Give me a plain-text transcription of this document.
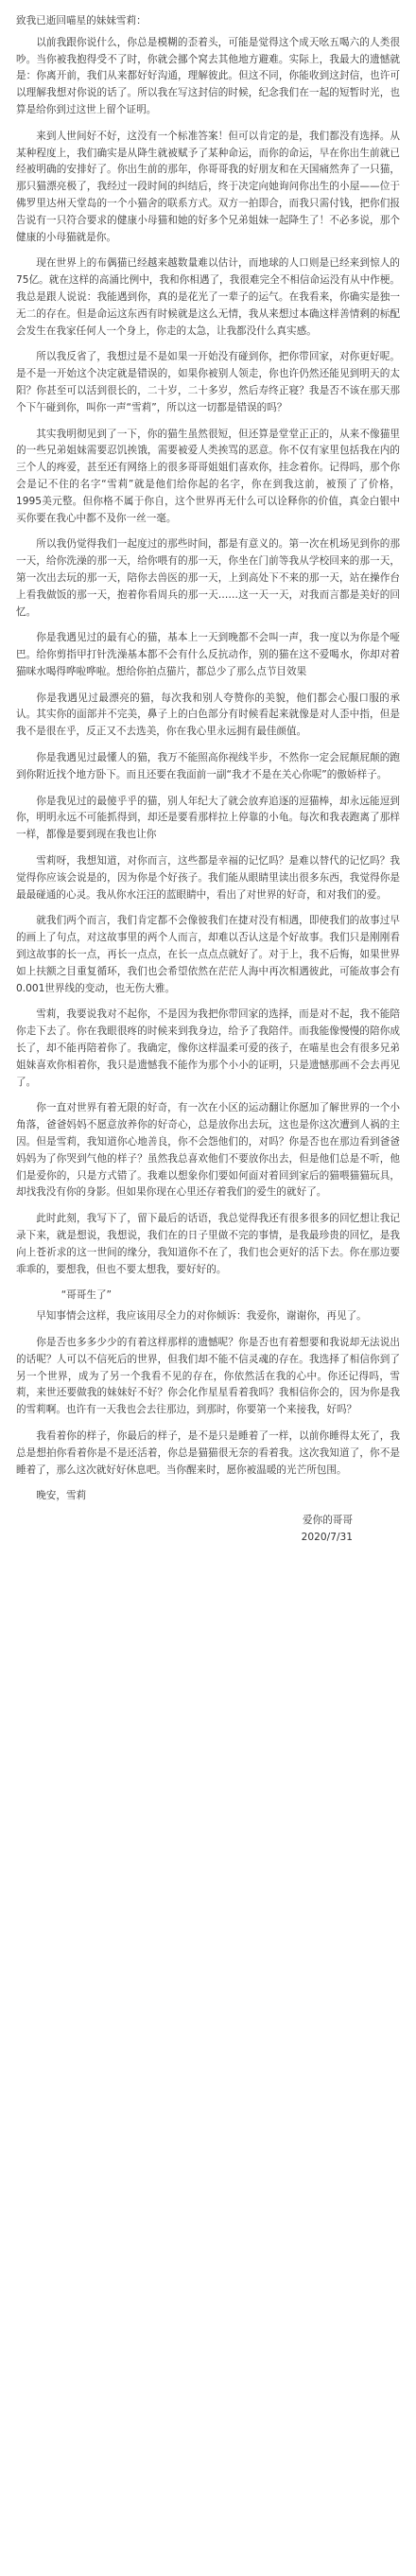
致我已逝回喵星的妹妹雪莉：

以前我跟你说什么，你总是模糊的歪着头，可能是觉得这个成天吆五喝六的人类很吵。当你被我抱得受不了时，你就会挪个窝去其他地方避难。实际上，我最大的遗憾就是：你离开前，我们从来都好好沟通，理解彼此。但这不同，你能收到这封信，也许可以理解我想对你说的话了。所以我在写这封信的时候，纪念我们在一起的短暂时光，也算是给你到过这世上留个证明。

来到人世间好不好，这没有一个标准答案！但可以肯定的是，我们都没有选择。从某种程度上，我们确实是从降生就被赋予了某种命运，而你的命运，早在你出生前就已经被明确的安排好了。你出生前的那年，你哥哥我的好朋友和在天国痛然奔了一只猫，那只猫漂亮极了，我经过一段时间的纠结后，终于决定向她询问你出生的小屋——位于佛罗里达州天堂岛的一个小猫舍的联系方式。双方一拍即合，而我只需付钱，把你们报告说有一只符合要求的健康小母猫和她的好多个兄弟姐妹一起降生了！不必多说，那个健康的小母猫就是你。

现在世界上的布偶猫已经越来越数量难以估计，而地球的人口则是已经来到惊人的75亿。就在这样的高涌比例中，我和你相遇了，我很难完全不相信命运没有从中作梗。我总是跟人说说：我能遇到你，真的是花光了一辈子的运气。在我看来，你确实是独一无二的存在。但是命运这东西有时候就是这么无情，我从来想过本确这样善情剩的标配会发生在我家任何人一个身上，你走的太急，让我都没什么真实感。

所以我反省了，我想过是不是如果一开始没有碰到你，把你带回家，对你更好呢。是不是一开始这个决定就是错误的，如果你被别人领走，你也许仍然还能见到明天的太阳？你甚至可以活到很长的，二十岁，二十多岁，然后寿终正寝？我是否不该在那天那个下午碰到你，叫你一声“雪莉”，所以这一切都是错误的吗？

其实我明彻见到了一下，你的猫生虽然很短，但还算是堂堂正正的，从来不像猫里的一些兄弟姐妹需要忍饥挨饿，需要被爱人类挨骂的恶意。你不仅有家里包括我在内的三个人的疼爱，甚至还有网络上的很多哥哥姐姐们喜欢你，挂念着你。记得吗，那个你会是记不住的名字“雪莉”就是他们给你起的名字，你在到我这前，被预了了价格，1995美元整。但你格不属于你自，这个世界再无什么可以诠释你的价值，真金白银中买你要在我心中都不及你一丝一毫。

所以我仍觉得我们一起度过的那些时间，都是有意义的。第一次在机场见到你的那一天，给你洗澡的那一天，给你喂有的那一天，你坐在门前等我从学校回来的那一天，第一次出去玩的那一天，陪你去兽医的那一天，上到高处下不来的那一天，站在操作台上看我做饭的那一天，抱着你看周兵的那一天……这一天一天，对我而言都是美好的回忆。

你是我遇见过的最有心的猫，基本上一天到晚都不会叫一声，我一度以为你是个哑巴。给你剪指甲打针洗澡基本都不会有什么反抗动作，别的猫在这不爱喝水，你却对着猫咪水喝得哗啦哗啦。想给你拍点猫片，都总少了那么点节目效果

你是我遇见过最漂亮的猫，每次我和别人夸赞你的美貌，他们都会心服口服的承认。其实你的面部并不完美，鼻子上的白色部分有时候看起来就像是对人歪中指，但是我不是很在乎，反正又不去选美，你在我心里永远拥有最佳颜值。

你是我遇见过最懂人的猫，我万不能照高你视线半步，不然你一定会屁颠屁颠的跑到你附近找个地方卧下。而且还要在我面前一副“我才不是在关心你呢”的傲娇样子。

你是我见过的最傻乎乎的猫，别人年纪大了就会放弃追逐的逗猫棒，却永远能逗到你，明明永远不可能抓得到，却还是要看那样拉上停靠的小龟。每次和我表跑离了那样一样，都像是要到现在我也让你

雪莉呀，我想知道，对你而言，这些都是幸福的记忆吗？是难以替代的记忆吗？我觉得你应该会说是的，因为你是个好孩子。我们能从眼睛里读出很多东西，我觉得你是最最碰通的心灵。我从你水汪汪的蓝眼睛中，看出了对世界的好奇，和对我们的爱。

就我们两个而言，我们肯定都不会像彼我们在捷对没有相遇，即使我们的故事过早的画上了句点，对这故事里的两个人而言，却难以否认这是个好故事。我们只是刚刚看到这故事的长一点，再长一点点，在长一点点点就好了。对于上，我不后悔，如果世界如上扶额之目重复循环，我们也会希望依然在茫茫人海中再次相遇彼此，可能故事会有0.001世界线的变动，也无伤大雅。

雪莉，我要说我对不起你，不是因为我把你带回家的选择，而是对不起，我不能陪你走下去了。你在我眼很疼的时候来到我身边，给予了我陪伴。而我能像慢慢的陪你成长了，却不能再陪着你了。我确定，像你这样温柔可爱的孩子，在喵星也会有很多兄弟姐妹喜欢你相着你，我只是遗憾我不能作为那个小小的证明，只是遗憾那画不会去再见了。

你一直对世界有着无限的好奇，有一次在小区的运动翻让你愿加了解世界的一个小角落，爸爸妈妈不愿意放养你的好奇心，总是放你出去玩，这也是你这次遭到人祸的主因。但是雪莉，我知道你心地善良，你不会怨他们的，对吗？你是否也在那边看到爸爸妈妈为了你哭到气他的样子？虽然我总喜欢他们不要放你出去，但是他们总是不听，他们是爱你的，只是方式错了。我难以想象你们要如何面对着回到家后的猫喂猫猫玩具，却找我没有你的身影。但如果你现在心里还存着我们的爱生的就好了。

此时此刻，我写下了，留下最后的话语，我总觉得我还有很多很多的回忆想让我记录下来，就是想说，我想说，我们在的日子里做不完的事情，是我最珍贵的回忆，是我向上苍祈求的这一世间的缘分，我知道你不在了，我们也会更好的活下去。你在那边要乖乖的，要想我，但也不要太想我，要好好的。

“哥哥生了”

早知事情会这样，我应该用尽全力的对你倾诉：我爱你，谢谢你，再见了。

你是否也多多少少的有着这样那样的遗憾呢？你是否也有着想要和我说却无法说出的话呢？人可以不信死后的世界，但我们却不能不信灵魂的存在。我选择了相信你到了另一个世界，成为了另一个我看不见的存在，你依然活在我的心中。你还记得吗，雪莉，来世还要做我的妹妹好不好？你会化作星星看着我吗？我相信你会的，因为你是我的雪莉啊。也许有一天我也会去往那边，到那时，你要第一个来接我，好吗？

我看着你的样子，你最后的样子，是不是只是睡着了一样，以前你睡得太死了，我总是想拍你看着你是不是还活着，你总是猫猫很无奈的看着我。这次我知道了，你不是睡着了，那么这次就好好休息吧。当你醒来时，愿你被温暖的光芒所包围。

晚安，雪莉

爱你的哥哥

2020/7/31
